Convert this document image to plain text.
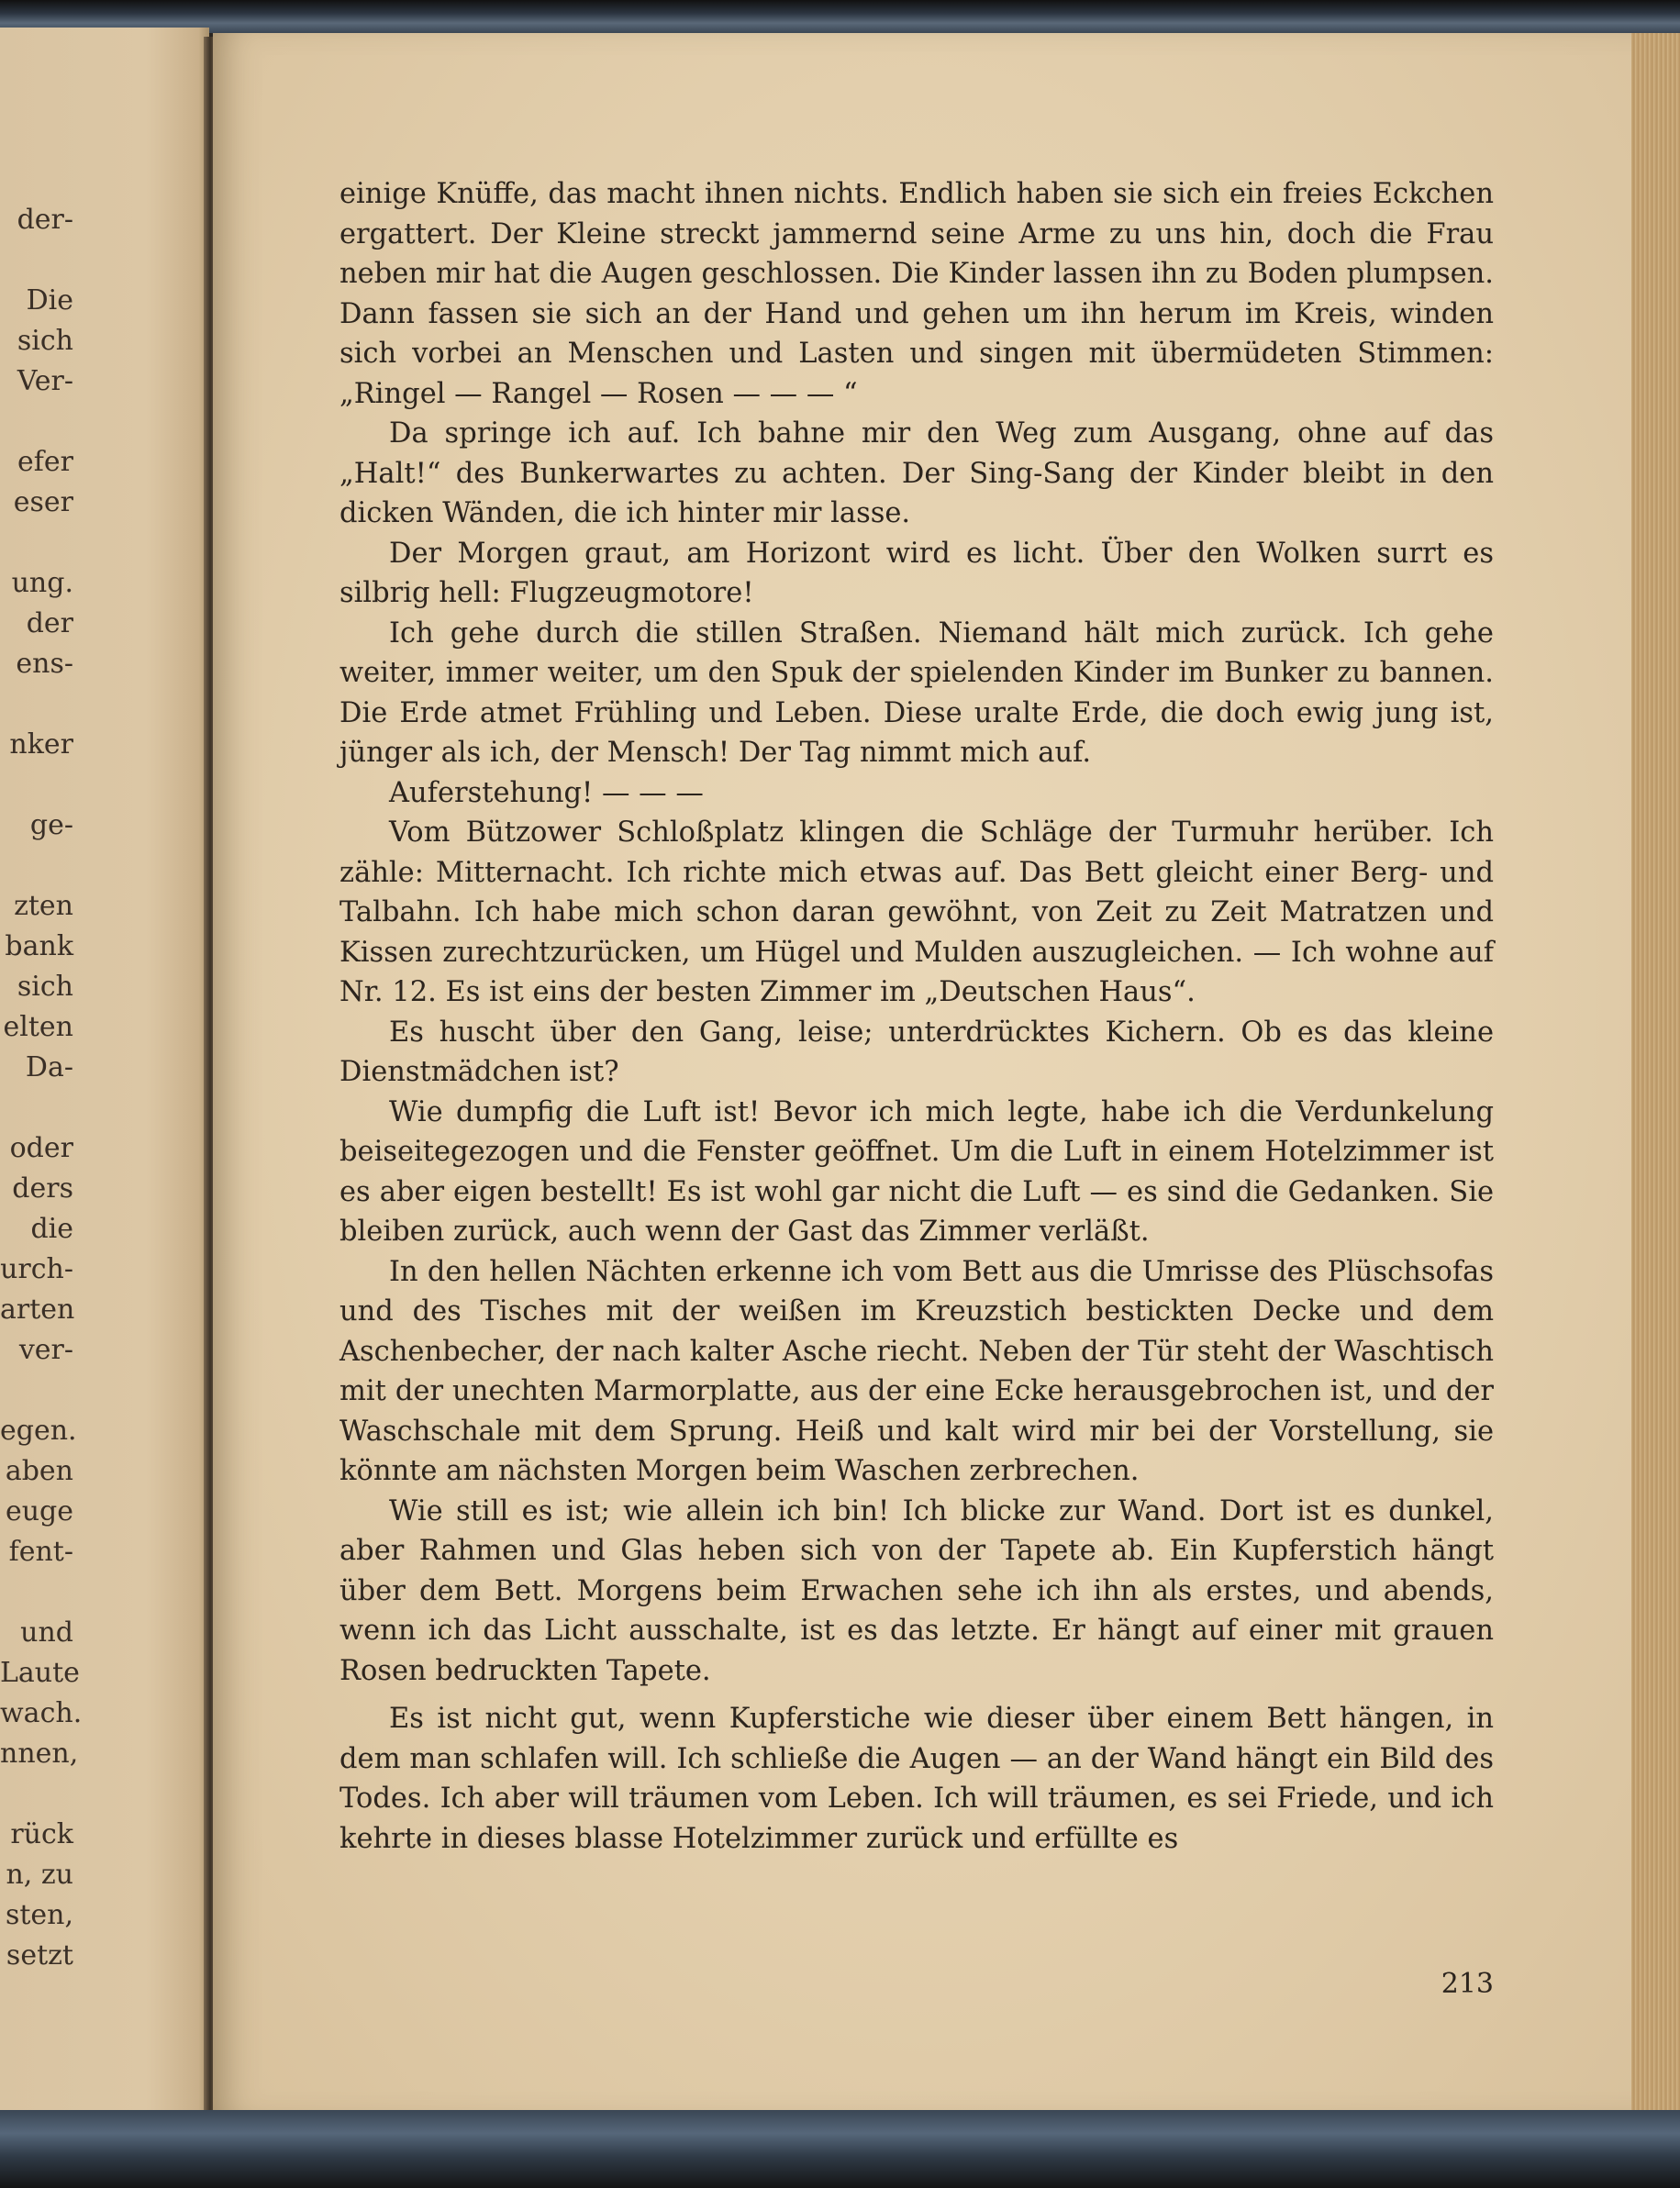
der-
Die
sich
Ver-
efer
eser
ung.
der
ens-
nker
ge-
zten
bank
sich
elten
Da-
oder
ders
die
urch-
arten
ver-
egen.
aben
euge
fent-
und
Laute
wach.
nnen,
rück
n, zu
sten,
setzt

einige Knüffe, das macht ihnen nichts. Endlich haben sie sich ein freies Eckchen ergattert. Der Kleine streckt jammernd seine Arme zu uns hin, doch die Frau neben mir hat die Augen geschlossen. Die Kinder lassen ihn zu Boden plumpsen. Dann fassen sie sich an der Hand und gehen um ihn herum im Kreis, winden sich vorbei an Menschen und Lasten und singen mit übermüdeten Stimmen: „Ringel — Rangel — Rosen — — — “

Da springe ich auf. Ich bahne mir den Weg zum Ausgang, ohne auf das „Halt!“ des Bunkerwartes zu achten. Der Sing-Sang der Kinder bleibt in den dicken Wänden, die ich hinter mir lasse.

Der Morgen graut, am Horizont wird es licht. Über den Wolken surrt es silbrig hell: Flugzeugmotore!

Ich gehe durch die stillen Straßen. Niemand hält mich zurück. Ich gehe weiter, immer weiter, um den Spuk der spielenden Kinder im Bunker zu bannen. Die Erde atmet Frühling und Leben. Diese uralte Erde, die doch ewig jung ist, jünger als ich, der Mensch! Der Tag nimmt mich auf.

Auferstehung! — — —

Vom Bützower Schloßplatz klingen die Schläge der Turmuhr herüber. Ich zähle: Mitternacht. Ich richte mich etwas auf. Das Bett gleicht einer Berg- und Talbahn. Ich habe mich schon daran gewöhnt, von Zeit zu Zeit Matratzen und Kissen zurechtzurücken, um Hügel und Mulden auszugleichen. — Ich wohne auf Nr. 12. Es ist eins der besten Zimmer im „Deutschen Haus“.

Es huscht über den Gang, leise; unterdrücktes Kichern. Ob es das kleine Dienstmädchen ist?

Wie dumpfig die Luft ist! Bevor ich mich legte, habe ich die Verdunkelung beiseitegezogen und die Fenster geöffnet. Um die Luft in einem Hotelzimmer ist es aber eigen bestellt! Es ist wohl gar nicht die Luft — es sind die Gedanken. Sie bleiben zurück, auch wenn der Gast das Zimmer verläßt.

In den hellen Nächten erkenne ich vom Bett aus die Umrisse des Plüschsofas und des Tisches mit der weißen im Kreuzstich bestickten Decke und dem Aschenbecher, der nach kalter Asche riecht. Neben der Tür steht der Waschtisch mit der unechten Marmorplatte, aus der eine Ecke herausgebrochen ist, und der Waschschale mit dem Sprung. Heiß und kalt wird mir bei der Vorstellung, sie könnte am nächsten Morgen beim Waschen zerbrechen.

Wie still es ist; wie allein ich bin! Ich blicke zur Wand. Dort ist es dunkel, aber Rahmen und Glas heben sich von der Tapete ab. Ein Kupferstich hängt über dem Bett. Morgens beim Erwachen sehe ich ihn als erstes, und abends, wenn ich das Licht ausschalte, ist es das letzte. Er hängt auf einer mit grauen Rosen bedruckten Tapete.

Es ist nicht gut, wenn Kupferstiche wie dieser über einem Bett hängen, in dem man schlafen will. Ich schließe die Augen — an der Wand hängt ein Bild des Todes. Ich aber will träumen vom Leben. Ich will träumen, es sei Friede, und ich kehrte in dieses blasse Hotelzimmer zurück und erfüllte es

213
